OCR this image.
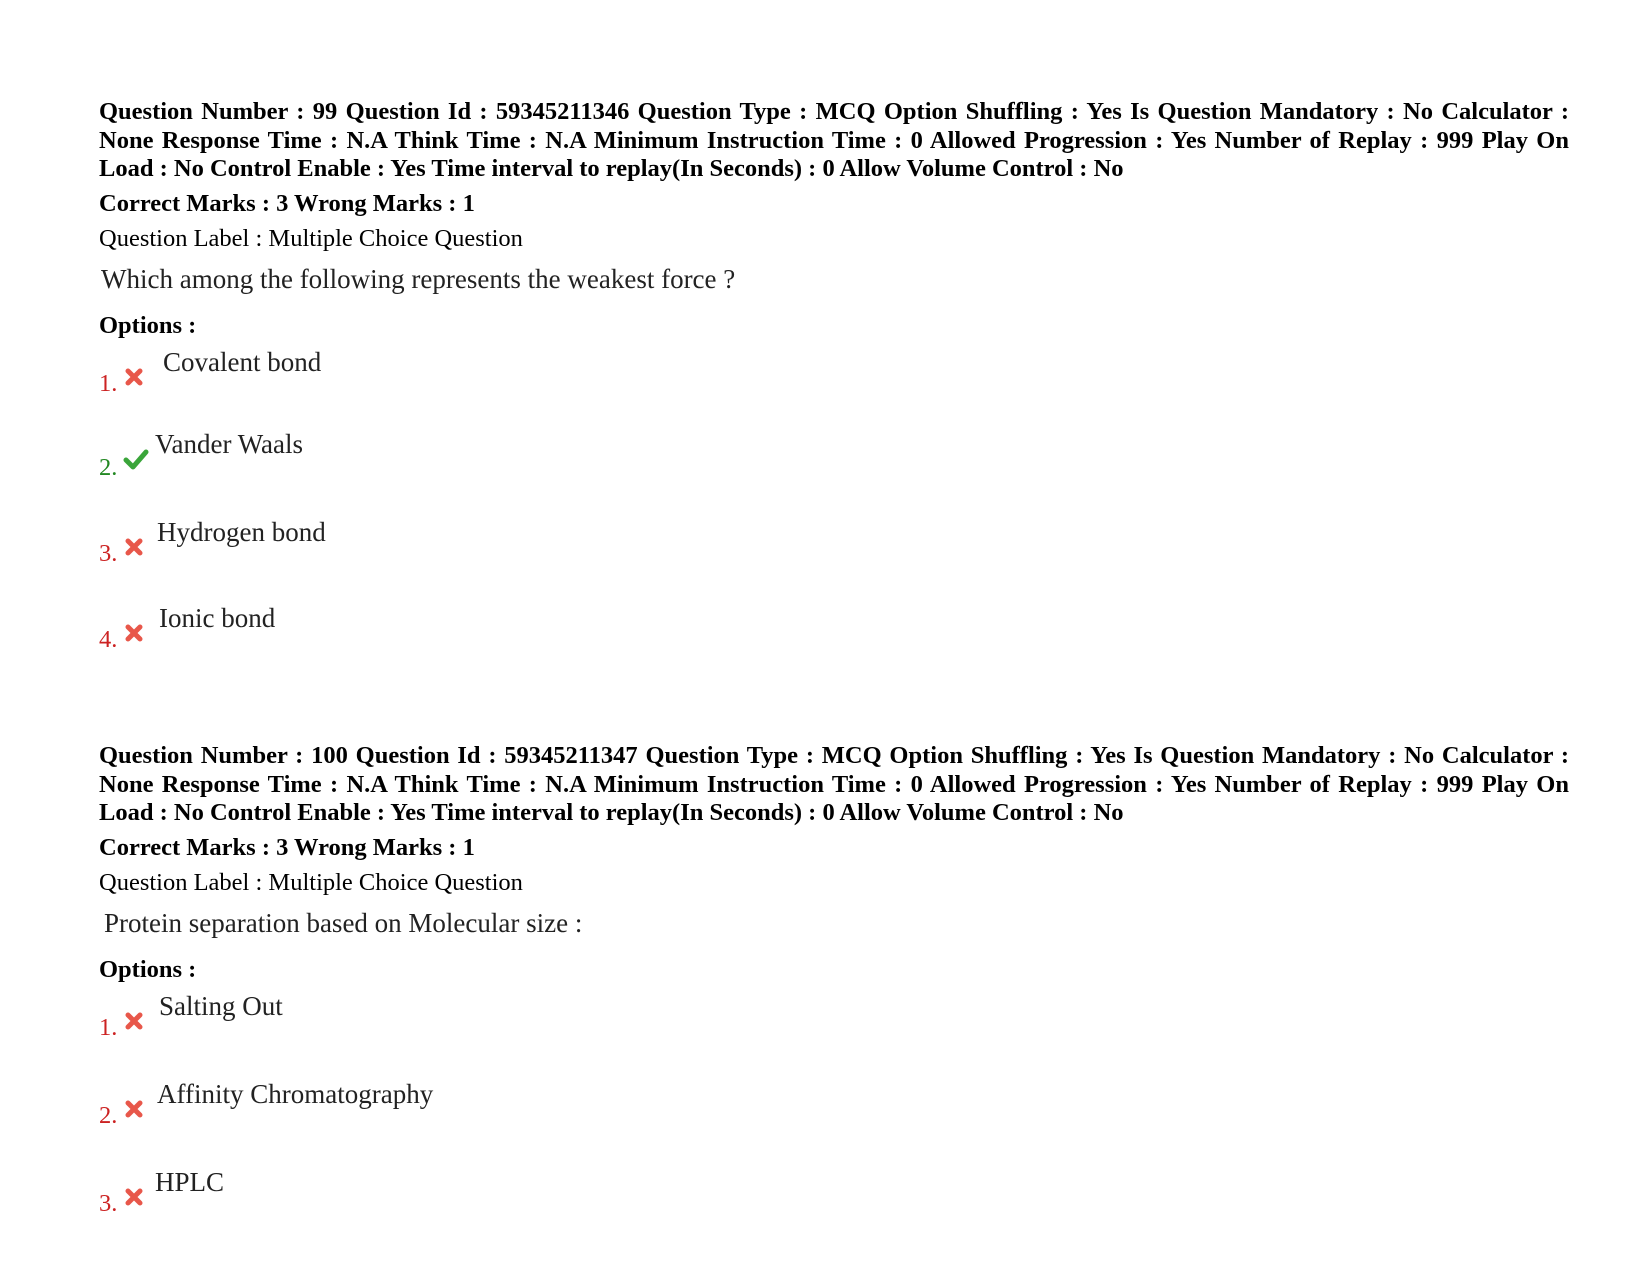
Question Number : 99 Question Id : 59345211346 Question Type : MCQ Option Shuffling : Yes Is Question Mandatory : No Calculator : None Response Time : N.A Think Time : N.A Minimum Instruction Time : 0 Allowed Progression : Yes Number of Replay : 999 Play On Load : No Control Enable : Yes Time interval to replay(In Seconds) : 0 Allow Volume Control : No

Correct Marks : 3 Wrong Marks : 1

Question Label : Multiple Choice Question

Which among the following represents the weakest force ?

Options :

1.
Covalent bond
2.
Vander Waals
3.
Hydrogen bond
4.
Ionic bond

Question Number : 100 Question Id : 59345211347 Question Type : MCQ Option Shuffling : Yes Is Question Mandatory : No Calculator : None Response Time : N.A Think Time : N.A Minimum Instruction Time : 0 Allowed Progression : Yes Number of Replay : 999 Play On Load : No Control Enable : Yes Time interval to replay(In Seconds) : 0 Allow Volume Control : No

Correct Marks : 3 Wrong Marks : 1

Question Label : Multiple Choice Question

Protein separation based on Molecular size :

Options :

1.
Salting Out
2.
Affinity Chromatography
3.
HPLC
